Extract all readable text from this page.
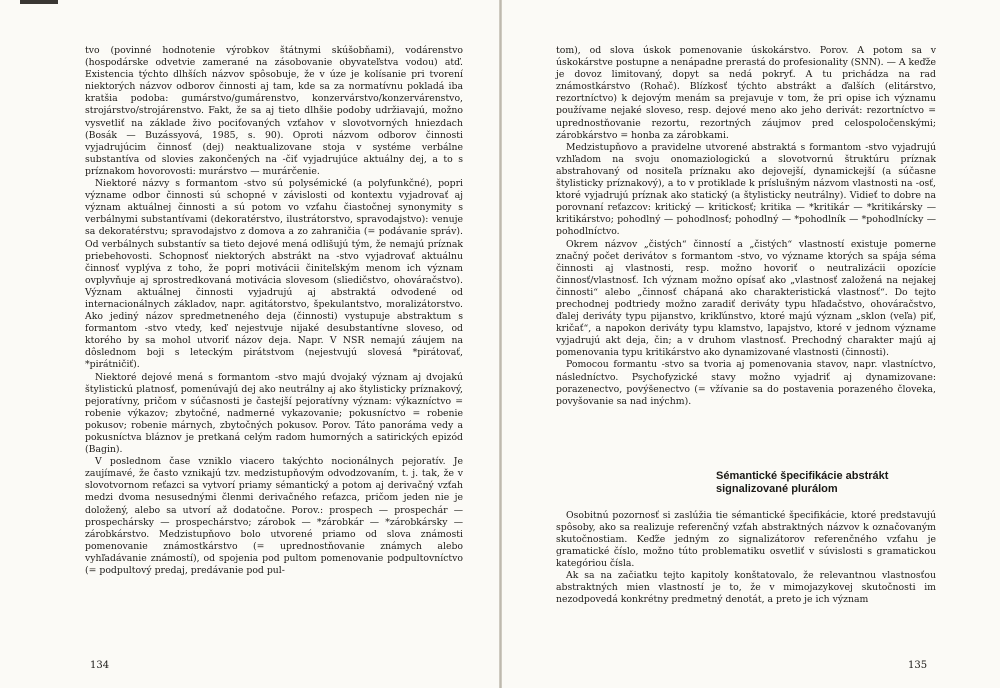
tvo (povinné hodnotenie výrobkov štátnymi skúšobňami), vodárenstvo (hospodárske odvetvie zamerané na zásobovanie obyvateľstva vodou) atď. Existencia týchto dlhších názvov spôsobuje, že v úze je kolísanie pri tvorení niektorých názvov odborov činnosti aj tam, kde sa za normatívnu pokladá iba kratšia podoba: gumárstvo/gumárenstvo, konzervárstvo/konzervárenstvo, strojárstvo/strojárenstvo. Fakt, že sa aj tieto dlhšie podoby udržiavajú, možno vysvetliť na základe živo pociťovaných vzťahov v slovotvorných hniezdach (Bosák — Buzássyová, 1985, s. 90). Oproti názvom odborov činnosti vyjadrujúcim činnosť (dej) neaktualizovane stoja v systéme verbálne substantíva od slovies zakončených na -čiť vyjadrujúce aktuálny dej, a to s príznakom hovorovosti: murárstvo — murárčenie.

Niektoré názvy s formantom -stvo sú polysémické (a polyfunkčné), popri význame odbor činnosti sú schopné v závislosti od kontextu vyjadrovať aj význam aktuálnej činnosti a sú potom vo vzťahu čiastočnej synonymity s verbálnymi substantívami (dekoratérstvo, ilustrátorstvo, spravodajstvo): venuje sa dekoratérstvu; spravodajstvo z domova a zo zahraničia (= podávanie správ). Od verbálnych substantív sa tieto dejové mená odlišujú tým, že nemajú príznak priebehovosti. Schopnosť niektorých abstrákt na -stvo vyjadrovať aktuálnu činnosť vyplýva z toho, že popri motivácii činiteľským menom ich význam ovplyvňuje aj sprostredkovaná motivácia slovesom (sliedičstvo, ohováračstvo). Význam aktuálnej činnosti vyjadrujú aj abstraktá odvodené od internacionálnych základov, napr. agitátorstvo, špekulantstvo, moralizátorstvo. Ako jediný názov spredmetneného deja (činnosti) vystupuje abstraktum s formantom -stvo vtedy, keď nejestvuje nijaké desubstantívne sloveso, od ktorého by sa mohol utvoriť názov deja. Napr. V NSR nemajú záujem na dôslednom boji s leteckým pirátstvom (nejestvujú slovesá *pirátovať, *pirátničiť).

Niektoré dejové mená s formantom -stvo majú dvojaký význam aj dvojakú štylistickú platnosť, pomenúvajú dej ako neutrálny aj ako štylisticky príznakový, pejoratívny, pričom v súčasnosti je častejší pejoratívny význam: výkazníctvo = robenie výkazov; zbytočné, nadmerné vykazovanie; pokusníctvo = robenie pokusov; robenie márnych, zbytočných pokusov. Porov. Táto panoráma vedy a pokusníctva bláznov je pretkaná celým radom humorných a satirických epizód (Bagin).

V poslednom čase vzniklo viacero takýchto nocionálnych pejoratív. Je zaujímavé, že často vznikajú tzv. medzistupňovým odvodzovaním, t. j. tak, že v slovotvornom reťazci sa vytvorí priamy sémantický a potom aj derivačný vzťah medzi dvoma nesusednými členmi derivačného reťazca, pričom jeden nie je doložený, alebo sa utvorí až dodatočne. Porov.: prospech — prospechár — prospechársky — prospechárstvo; zárobok — *zárobkár — *zárobkársky — zárobkárstvo. Medzistupňovo bolo utvorené priamo od slova známosti pomenovanie známostkárstvo (= uprednostňovanie známych alebo vyhľadávanie známostí), od spojenia pod pultom pomenovanie podpultovníctvo (= podpultový predaj, predávanie pod pul-

134

tom), od slova úskok pomenovanie úskokárstvo. Porov. A potom sa v úskokárstve postupne a nenápadne prerastá do profesionality (SNN). — A keďže je dovoz limitovaný, dopyt sa nedá pokryť. A tu prichádza na rad známostkárstvo (Rohač). Blízkosť týchto abstrákt a ďalších (elitárstvo, rezortníctvo) k dejovým menám sa prejavuje v tom, že pri opise ich významu používame nejaké sloveso, resp. dejové meno ako jeho derivát: rezortníctvo = uprednostňovanie rezortu, rezortných záujmov pred celospoločenskými; zárobkárstvo = honba za zárobkami.

Medzistupňovo a pravidelne utvorené abstraktá s formantom -stvo vyjadrujú vzhľadom na svoju onomaziologickú a slovotvornú štruktúru príznak abstrahovaný od nositeľa príznaku ako dejovejší, dynamickejší (a súčasne štylisticky príznakový), a to v protiklade k príslušným názvom vlastnosti na -osť, ktoré vyjadrujú príznak ako statický (a štylisticky neutrálny). Vidieť to dobre na porovnaní reťazcov: kritický — kritickosť; kritika — *kritikár — *kritikársky — kritikárstvo; pohodlný — pohodlnosť; pohodlný — *pohodlník — *pohodlnícky — pohodlníctvo.

Okrem názvov „čistých“ činností a „čistých“ vlastností existuje pomerne značný počet derivátov s formantom -stvo, vo význame ktorých sa spája séma činnosti aj vlastnosti, resp. možno hovoriť o neutralizácii opozície činnosť/vlastnosť. Ich význam možno opísať ako „vlastnosť založená na nejakej činnosti“ alebo „činnosť chápaná ako charakteristická vlastnosť“. Do tejto prechodnej podtriedy možno zaradiť deriváty typu hľadačstvo, ohováračstvo, ďalej deriváty typu pijanstvo, krikľúnstvo, ktoré majú význam „sklon (veľa) piť, kričať“, a napokon deriváty typu klamstvo, lapajstvo, ktoré v jednom význame vyjadrujú akt deja, čin; a v druhom vlastnosť. Prechodný charakter majú aj pomenovania typu kritikárstvo ako dynamizované vlastnosti (činnosti).

Pomocou formantu -stvo sa tvoria aj pomenovania stavov, napr. vlastníctvo, následníctvo. Psychofyzické stavy možno vyjadriť aj dynamizovane: porazenectvo, povýšenectvo (= vžívanie sa do postavenia porazeného človeka, povyšovanie sa nad inýchm).

Sémantické špecifikácie abstrákt
signalizované plurálom

Osobitnú pozornosť si zaslúžia tie sémantické špecifikácie, ktoré predstavujú spôsoby, ako sa realizuje referenčný vzťah abstraktných názvov k označovaným skutočnostiam. Keďže jedným zo signalizátorov referenčného vzťahu je gramatické číslo, možno túto problematiku osvetliť v súvislosti s gramatickou kategóriou čísla.

Ak sa na začiatku tejto kapitoly konštatovalo, že relevantnou vlastnosťou abstraktných mien vlastností je to, že v mimojazykovej skutočnosti im nezodpovedá konkrétny predmetný denotát, a preto je ich význam

135
